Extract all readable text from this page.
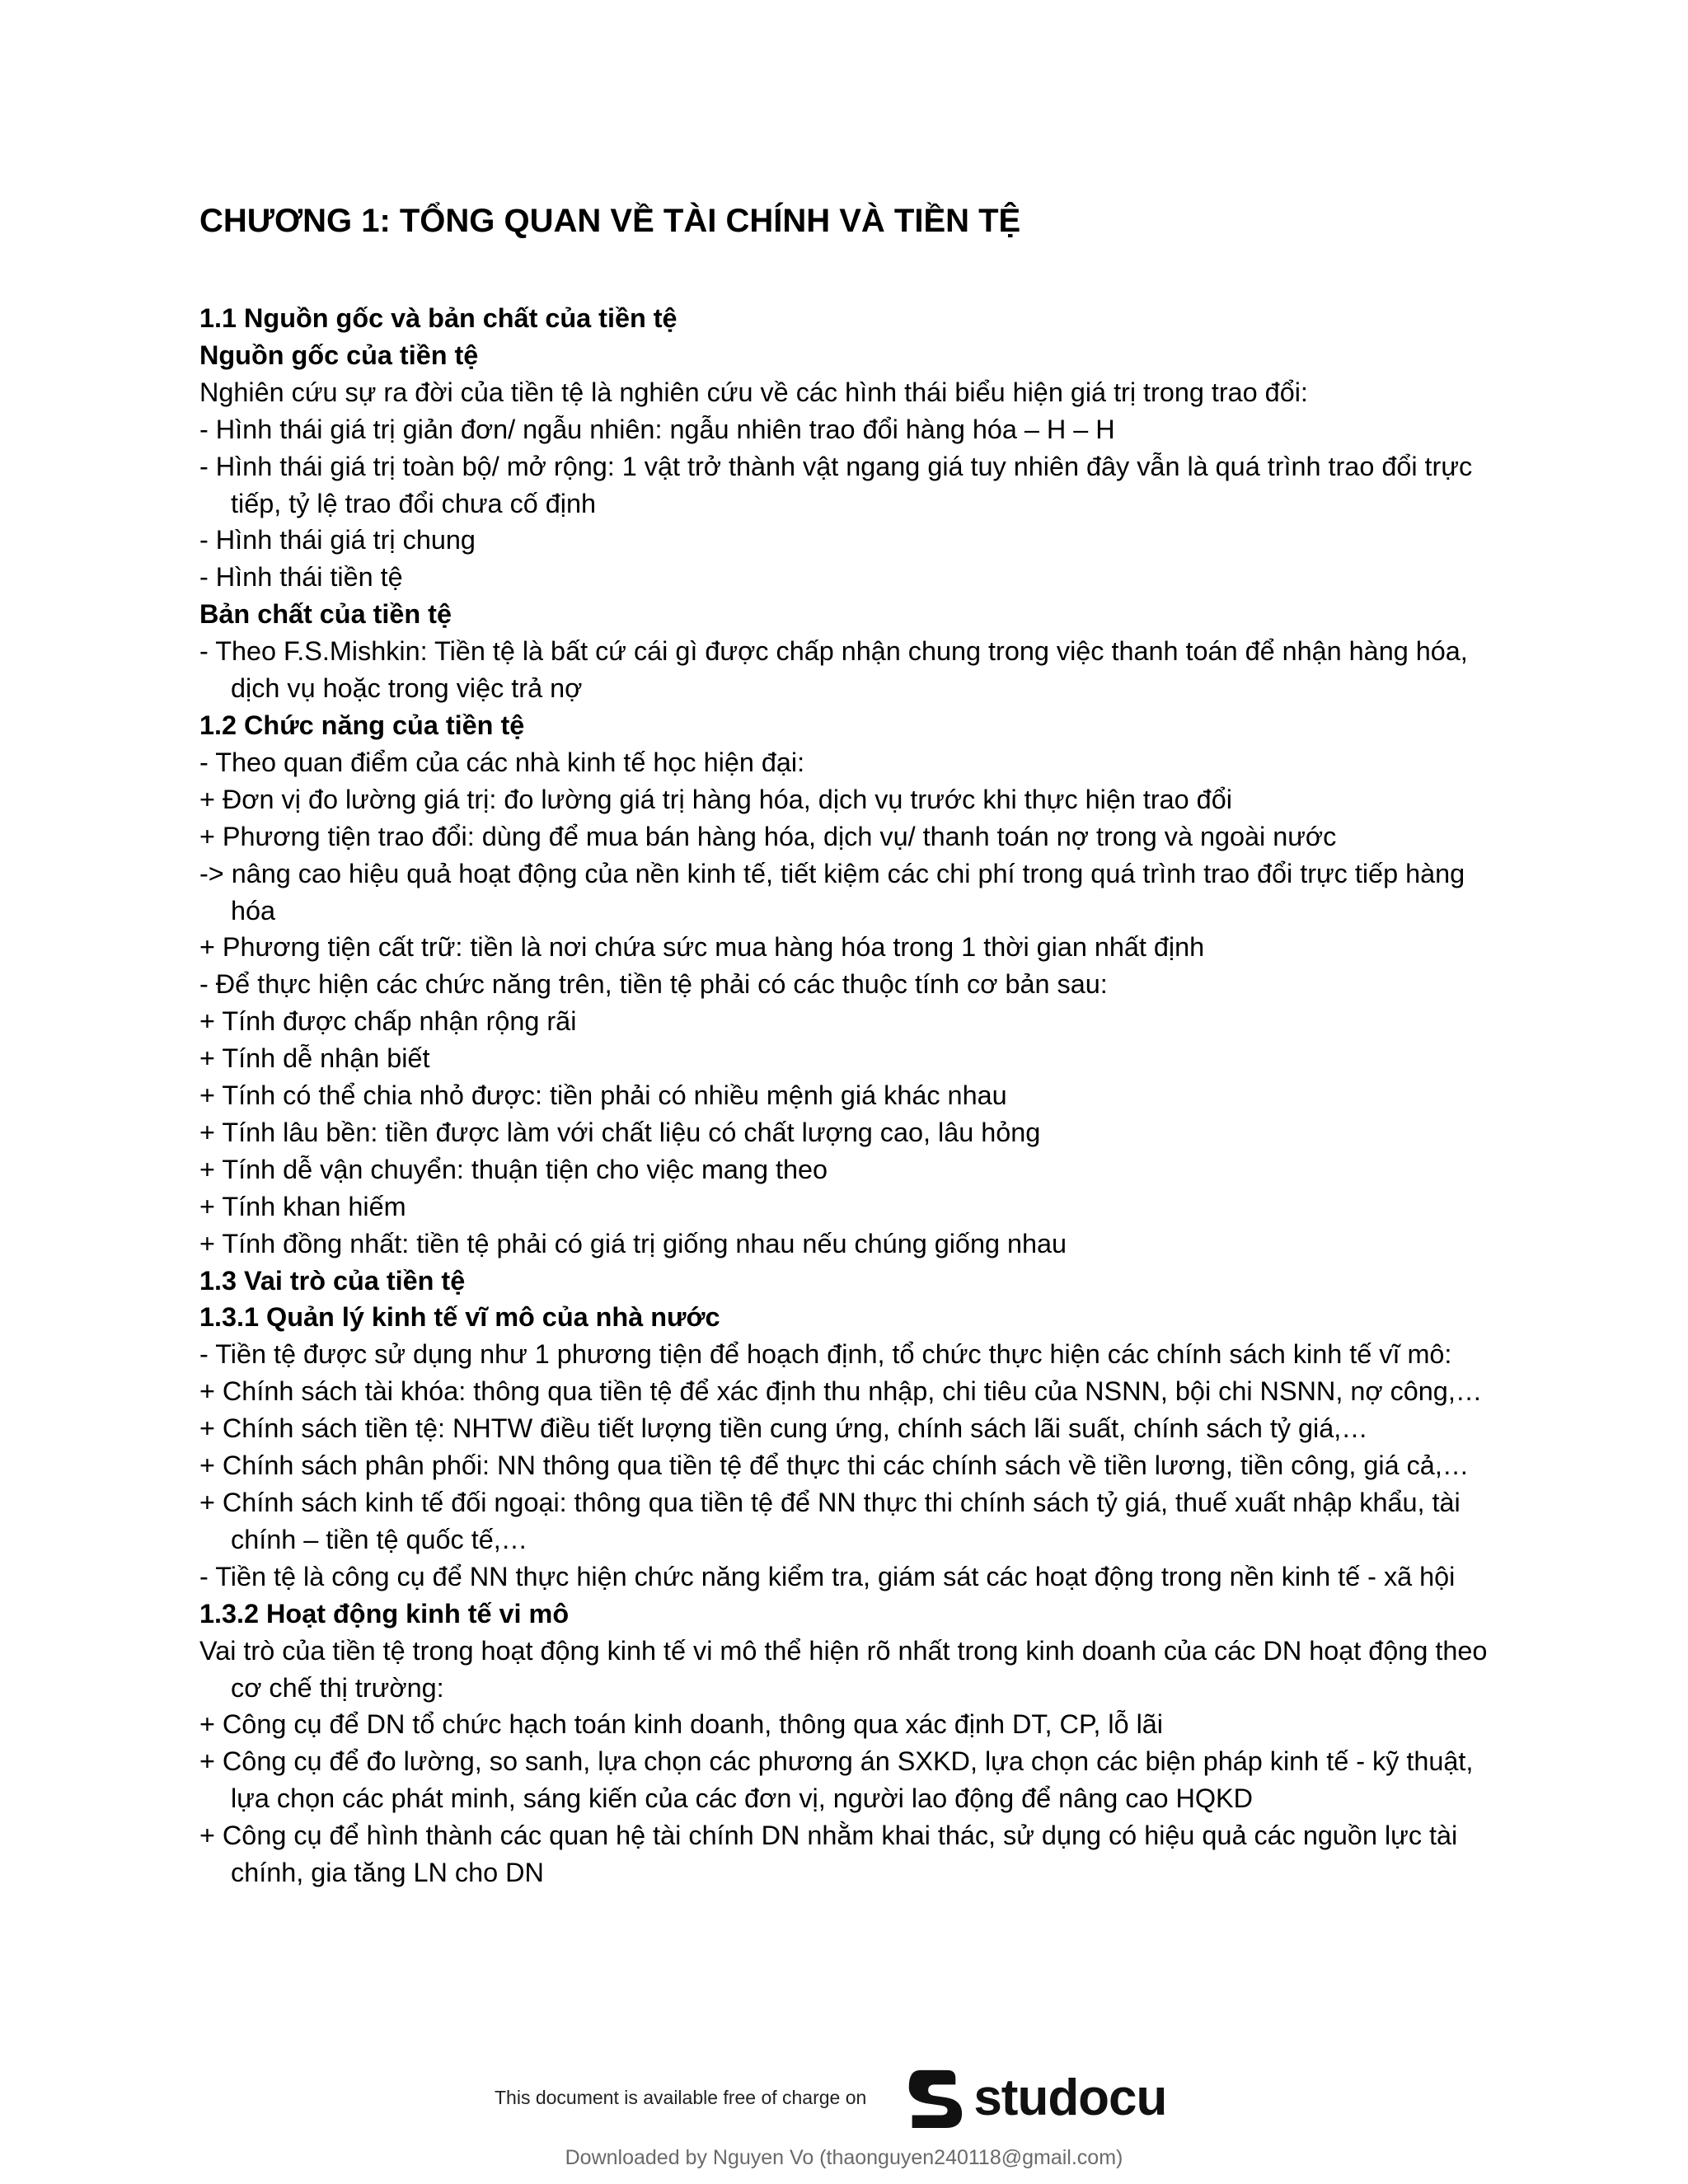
CHƯƠNG 1: TỔNG QUAN VỀ TÀI CHÍNH VÀ TIỀN TỆ
1.1 Nguồn gốc và bản chất của tiền tệ
Nguồn gốc của tiền tệ
Nghiên cứu sự ra đời của tiền tệ là nghiên cứu về các hình thái biểu hiện giá trị trong trao đổi:
- Hình thái giá trị giản đơn/ ngẫu nhiên: ngẫu nhiên trao đổi hàng hóa – H – H
- Hình thái giá trị toàn bộ/ mở rộng: 1 vật trở thành vật ngang giá tuy nhiên đây vẫn là quá trình trao đổi trực tiếp, tỷ lệ trao đổi chưa cố định
- Hình thái giá trị chung
- Hình thái tiền tệ
Bản chất của tiền tệ
- Theo F.S.Mishkin: Tiền tệ là bất cứ cái gì được chấp nhận chung trong việc thanh toán để nhận hàng hóa, dịch vụ hoặc trong việc trả nợ
1.2 Chức năng của tiền tệ
- Theo quan điểm của các nhà kinh tế học hiện đại:
+ Đơn vị đo lường giá trị: đo lường giá trị hàng hóa, dịch vụ trước khi thực hiện trao đổi
+ Phương tiện trao đổi: dùng để mua bán hàng hóa, dịch vụ/ thanh toán nợ trong và ngoài nước
-> nâng cao hiệu quả hoạt động của nền kinh tế, tiết kiệm các chi phí trong quá trình trao đổi trực tiếp hàng hóa
+ Phương tiện cất trữ: tiền là nơi chứa sức mua hàng hóa trong 1 thời gian nhất định
- Để thực hiện các chức năng trên, tiền tệ phải có các thuộc tính cơ bản sau:
+ Tính được chấp nhận rộng rãi
+ Tính dễ nhận biết
+ Tính có thể chia nhỏ được: tiền phải có nhiều mệnh giá khác nhau
+ Tính lâu bền: tiền được làm với chất liệu có chất lượng cao, lâu hỏng
+ Tính dễ vận chuyển: thuận tiện cho việc mang theo
+ Tính khan hiếm
+ Tính đồng nhất: tiền tệ phải có giá trị giống nhau nếu chúng giống nhau
1.3 Vai trò của tiền tệ
1.3.1 Quản lý kinh tế vĩ mô của nhà nước
- Tiền tệ được sử dụng như 1 phương tiện để hoạch định, tổ chức thực hiện các chính sách kinh tế vĩ mô:
+ Chính sách tài khóa: thông qua tiền tệ để xác định thu nhập, chi tiêu của NSNN, bội chi NSNN, nợ công,…
+ Chính sách tiền tệ: NHTW điều tiết lượng tiền cung ứng, chính sách lãi suất, chính sách tỷ giá,…
+ Chính sách phân phối: NN thông qua tiền tệ để thực thi các chính sách về tiền lương, tiền công, giá cả,…
+ Chính sách kinh tế đối ngoại: thông qua tiền tệ để NN thực thi chính sách tỷ giá, thuế xuất nhập khẩu, tài chính – tiền tệ quốc tế,…
- Tiền tệ là công cụ để NN thực hiện chức năng kiểm tra, giám sát các hoạt động trong nền kinh tế - xã hội
1.3.2 Hoạt động kinh tế vi mô
Vai trò của tiền tệ trong hoạt động kinh tế vi mô thể hiện rõ nhất trong kinh doanh của các DN hoạt động theo cơ chế thị trường:
+ Công cụ để DN tổ chức hạch toán kinh doanh, thông qua xác định DT, CP, lỗ lãi
+ Công cụ để đo lường, so sanh, lựa chọn các phương án SXKD, lựa chọn các biện pháp kinh tế - kỹ thuật, lựa chọn các phát minh, sáng kiến của các đơn vị, người lao động để nâng cao HQKD
+ Công cụ để hình thành các quan hệ tài chính DN nhằm khai thác, sử dụng có hiệu quả các nguồn lực tài chính, gia tăng LN cho DN
This document is available free of charge on studocu
Downloaded by Nguyen Vo (thaonguyen240118@gmail.com)
